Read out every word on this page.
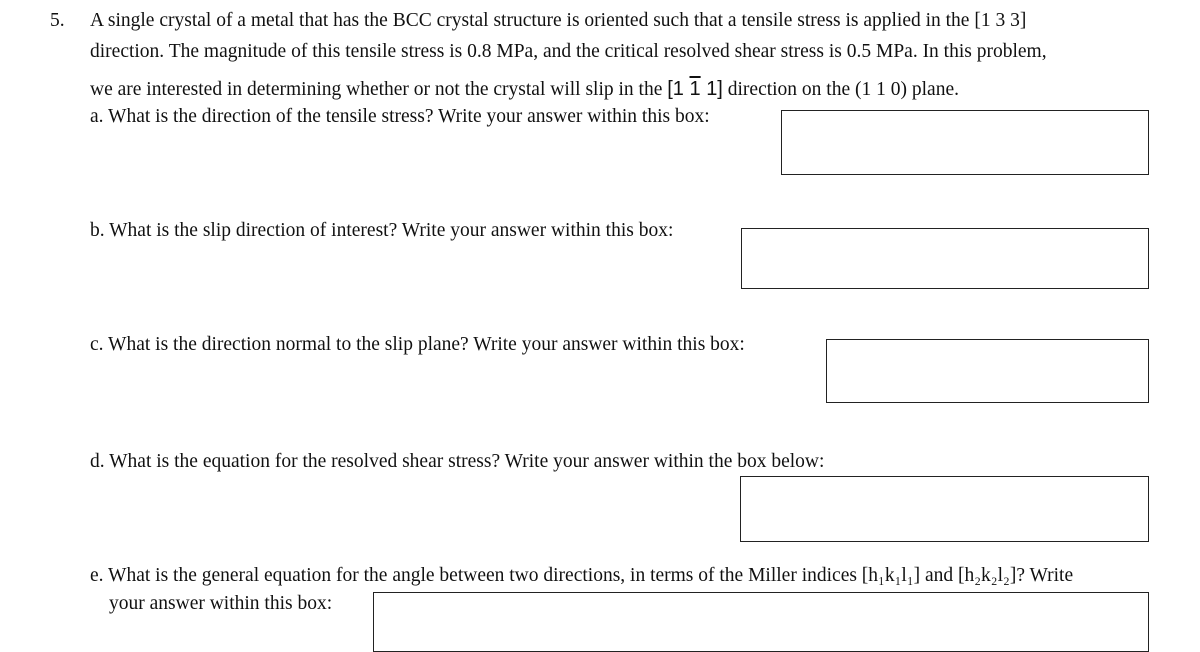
5. A single crystal of a metal that has the BCC crystal structure is oriented such that a tensile stress is applied in the [1 3 3]
direction. The magnitude of this tensile stress is 0.8 MPa, and the critical resolved shear stress is 0.5 MPa. In this problem,
we are interested in determining whether or not the crystal will slip in the [1 1 1] direction on the (1 1 0) plane.
a. What is the direction of the tensile stress? Write your answer within this box:
b. What is the slip direction of interest? Write your answer within this box:
c. What is the direction normal to the slip plane? Write your answer within this box:
d. What is the equation for the resolved shear stress? Write your answer within the box below:
e. What is the general equation for the angle between two directions, in terms of the Miller indices [h₁k₁l₁] and [h₂k₂l₂]? Write
your answer within this box:
